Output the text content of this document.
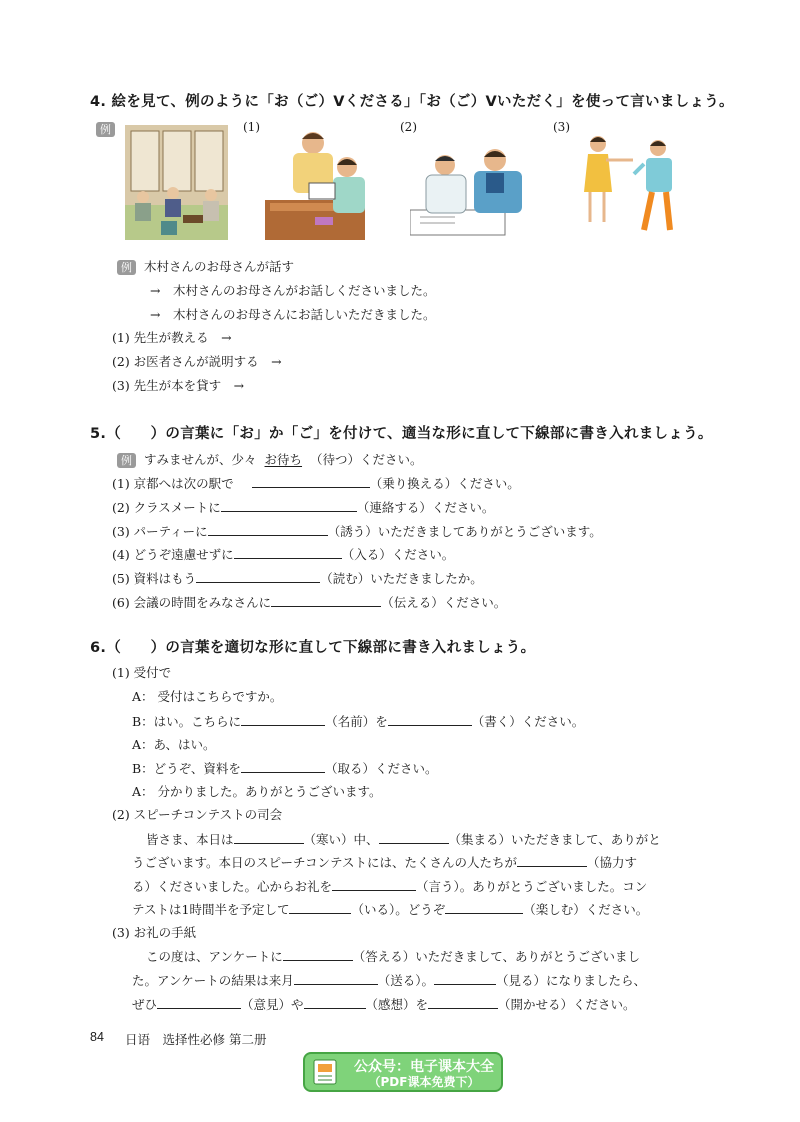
4. 絵を見て、例のように「お（ご）Vくださる」「お（ご）Vいただく」を使って言いましょう。
例	(1)	(2)	(3)
例 木村さんのお母さんが話す
→　木村さんのお母さんがお話しくださいました。
→　木村さんのお母さんにお話しいただきました。
(1) 先生が教える　→
(2) お医者さんが説明する　→
(3) 先生が本を貸す　→
5.（　　）の言葉に「お」か「ご」を付けて、適当な形に直して下線部に書き入れましょう。
例 すみませんが、少々 お待ち （待つ）ください。
(1) 京都へは次の駅で	（乗り換える）ください。
(2) クラスメートに	（連絡する）ください。
(3) パーティーに	（誘う）いただきましてありがとうございます。
(4) どうぞ遠慮せずに	（入る）ください。
(5) 資料はもう	（読む）いただきましたか。
(6) 会議の時間をみなさんに	（伝える）ください。
6.（　　）の言葉を適切な形に直して下線部に書き入れましょう。
(1) 受付で
A： 受付はこちらですか。
B：はい。こちらに	（名前）を	（書く）ください。
A：あ、はい。
B：どうぞ、資料を	（取る）ください。
A： 分かりました。ありがとうございます。
(2) スピーチコンテストの司会
皆さま、本日は	（寒い）中、	（集まる）いただきまして、ありがと
うございます。本日のスピーチコンテストには、たくさんの人たちが	（協力す
る）くださいました。心からお礼を	（言う）。ありがとうございました。コン
テストは1時間半を予定して	（いる）。どうぞ	（楽しむ）ください。
(3) お礼の手紙
この度は、アンケートに	（答える）いただきまして、ありがとうございまし
た。アンケートの結果は来月	（送る）。	（見る）になりましたら、
ぜひ	（意見）や	（感想）を	（開かせる）ください。
84 日语　选择性必修 第二册
公众号：电子课本大全
（PDF课本免费下）
